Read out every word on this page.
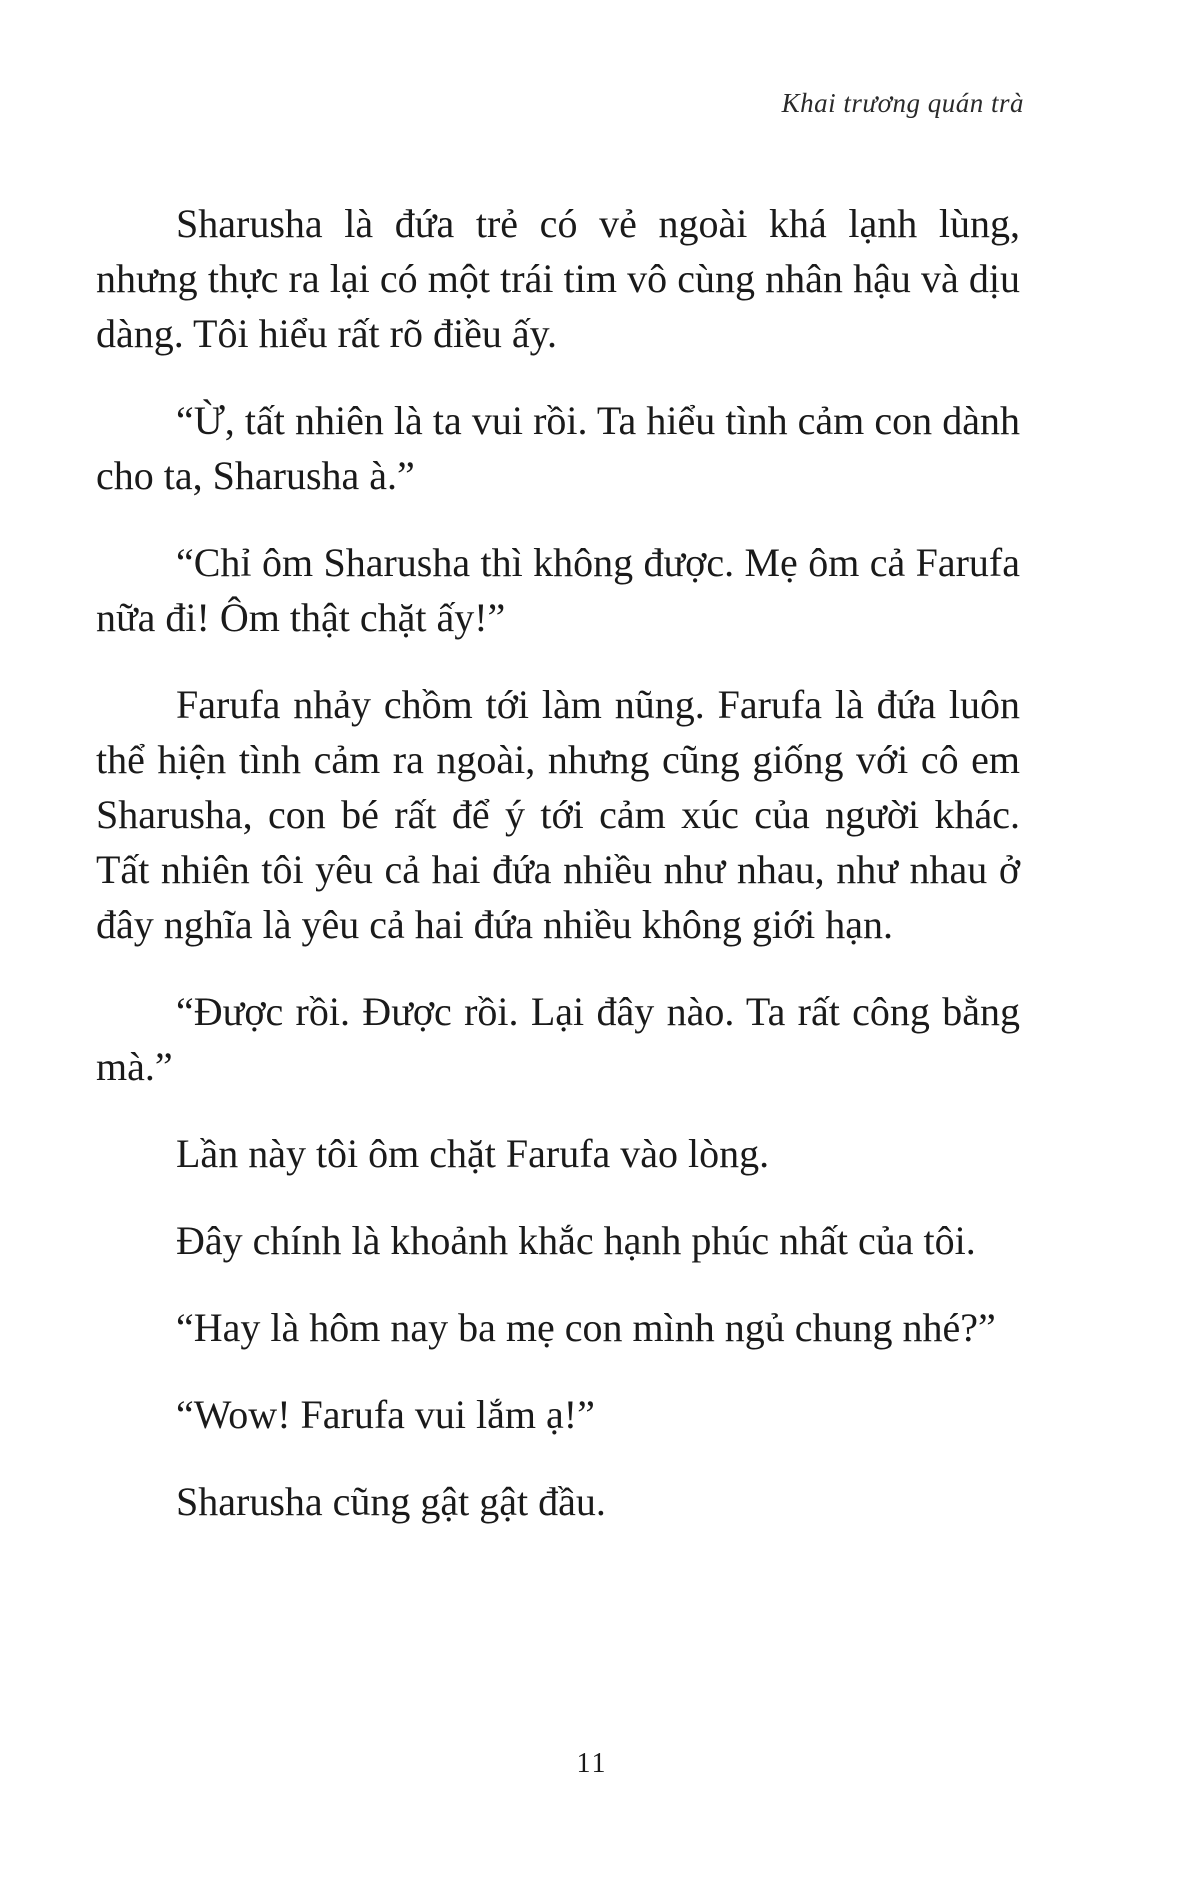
Khai trương quán trà

Sharusha là đứa trẻ có vẻ ngoài khá lạnh lùng, nhưng thực ra lại có một trái tim vô cùng nhân hậu và dịu dàng. Tôi hiểu rất rõ điều ấy.

“Ừ, tất nhiên là ta vui rồi. Ta hiểu tình cảm con dành cho ta, Sharusha à.”

“Chỉ ôm Sharusha thì không được. Mẹ ôm cả Farufa nữa đi! Ôm thật chặt ấy!”

Farufa nhảy chồm tới làm nũng. Farufa là đứa luôn thể hiện tình cảm ra ngoài, nhưng cũng giống với cô em Sharusha, con bé rất để ý tới cảm xúc của người khác. Tất nhiên tôi yêu cả hai đứa nhiều như nhau, như nhau ở đây nghĩa là yêu cả hai đứa nhiều không giới hạn.

“Được rồi. Được rồi. Lại đây nào. Ta rất công bằng mà.”

Lần này tôi ôm chặt Farufa vào lòng.

Đây chính là khoảnh khắc hạnh phúc nhất của tôi.

“Hay là hôm nay ba mẹ con mình ngủ chung nhé?”

“Wow! Farufa vui lắm ạ!”

Sharusha cũng gật gật đầu.

11
